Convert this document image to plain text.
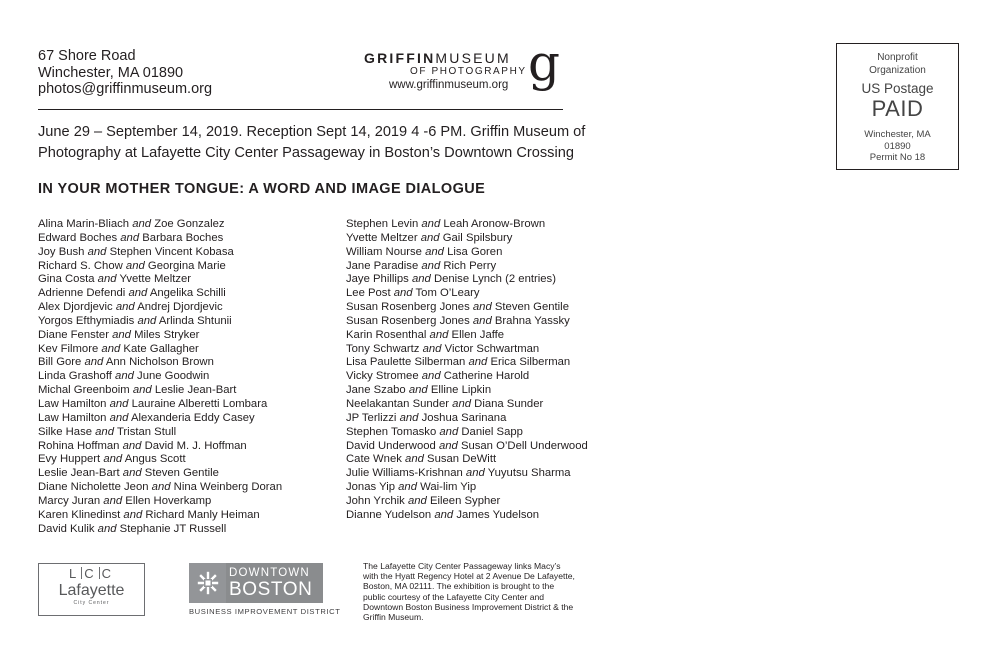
67 Shore Road
Winchester, MA 01890
photos@griffinmuseum.org
GRIFFINMUSEUM
OF PHOTOGRAPHY
www.griffinmuseum.org g	Nonprofit
Organization
US Postage
PAID
Winchester, MA
01890
Permit No 18
June 29 – September 14, 2019. Reception Sept 14, 2019 4 -6 PM. Griffin Museum of Photography at Lafayette City Center Passageway in Boston’s Downtown Crossing
IN YOUR MOTHER TONGUE: A WORD AND IMAGE DIALOGUE
Alina Marin-Bliach and Zoe Gonzalez
Edward Boches and Barbara Boches
Joy Bush and Stephen Vincent Kobasa
Richard S. Chow and Georgina Marie
Gina Costa and Yvette Meltzer
Adrienne Defendi and Angelika Schilli
Alex Djordjevic and Andrej Djordjevic
Yorgos Efthymiadis and Arlinda Shtunii
Diane Fenster and Miles Stryker
Kev Filmore and Kate Gallagher
Bill Gore and Ann Nicholson Brown
Linda Grashoff and June Goodwin
Michal Greenboim and Leslie Jean-Bart
Law Hamilton and Lauraine Alberetti Lombara
Law Hamilton and Alexanderia Eddy Casey
Silke Hase and Tristan Stull
Rohina Hoffman and David M. J. Hoffman
Evy Huppert and Angus Scott
Leslie Jean-Bart and Steven Gentile
Diane Nicholette Jeon and Nina Weinberg Doran
Marcy Juran and Ellen Hoverkamp
Karen Klinedinst and Richard Manly Heiman
David Kulik and Stephanie JT Russell
Stephen Levin and Leah Aronow-Brown
Yvette Meltzer and Gail Spilsbury
William Nourse and Lisa Goren
Jane Paradise and Rich Perry
Jaye Phillips and Denise Lynch (2 entries)
Lee Post and Tom O’Leary
Susan Rosenberg Jones and Steven Gentile
Susan Rosenberg Jones and Brahna Yassky
Karin Rosenthal and Ellen Jaffe
Tony Schwartz and Victor Schwartman
Lisa Paulette Silberman and Erica Silberman
Vicky Stromee and Catherine Harold
Jane Szabo and Elline Lipkin
Neelakantan Sunder and Diana Sunder
JP Terlizzi and Joshua Sarinana
Stephen Tomasko and Daniel Sapp
David Underwood and Susan O’Dell Underwood
Cate Wnek and Susan DeWitt
Julie Williams-Krishnan and Yuyutsu Sharma
Jonas Yip and Wai-lim Yip
John Yrchik and Eileen Sypher
Dianne Yudelson and James Yudelson
L C C
Lafayette
City Center
DOWNTOWN
BOSTON
BUSINESS IMPROVEMENT DISTRICT
The Lafayette City Center Passageway links Macy’s with the Hyatt Regency Hotel at 2 Avenue De Lafayette, Boston, MA 02111. The exhibition is brought to the public courtesy of the Lafayette City Center and Downtown Boston Business Improvement District & the Griffin Museum.
